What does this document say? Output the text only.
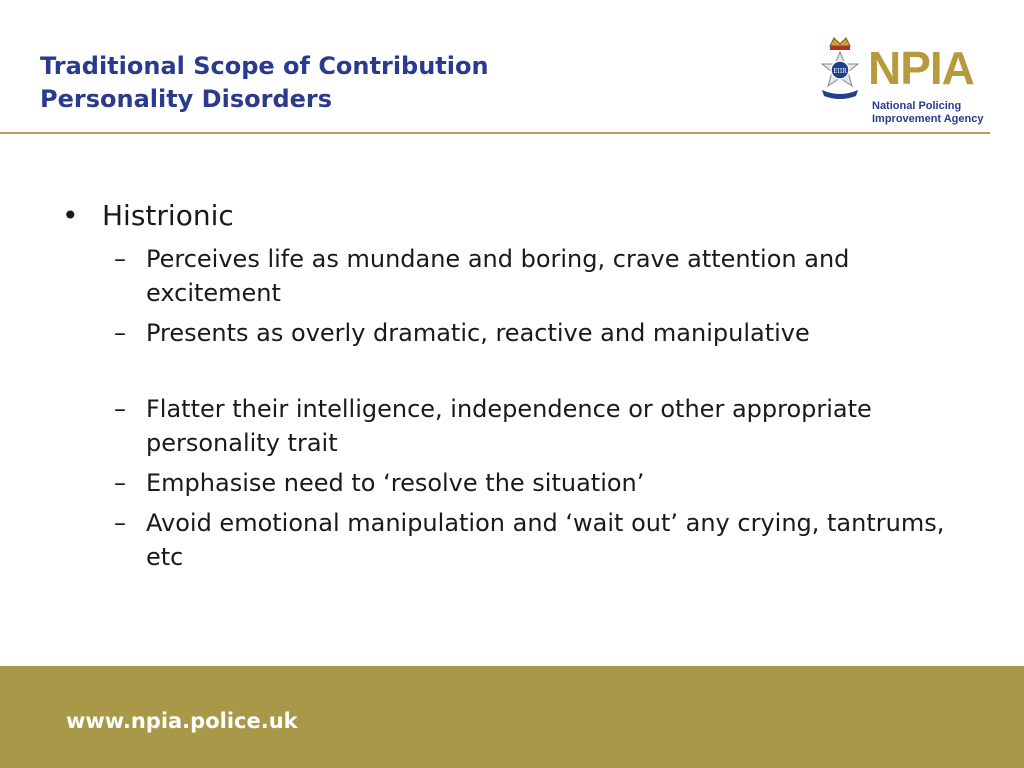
Traditional Scope of Contribution
Personality Disorders
EIIR NPIA
National Policing
Improvement Agency
• Histrionic
– Perceives life as mundane and boring, crave attention and excitement
– Presents as overly dramatic, reactive and manipulative
– Flatter their intelligence, independence or other appropriate personality trait
– Emphasise need to ‘resolve the situation’
– Avoid emotional manipulation and ‘wait out’ any crying, tantrums, etc
www.npia.police.uk
